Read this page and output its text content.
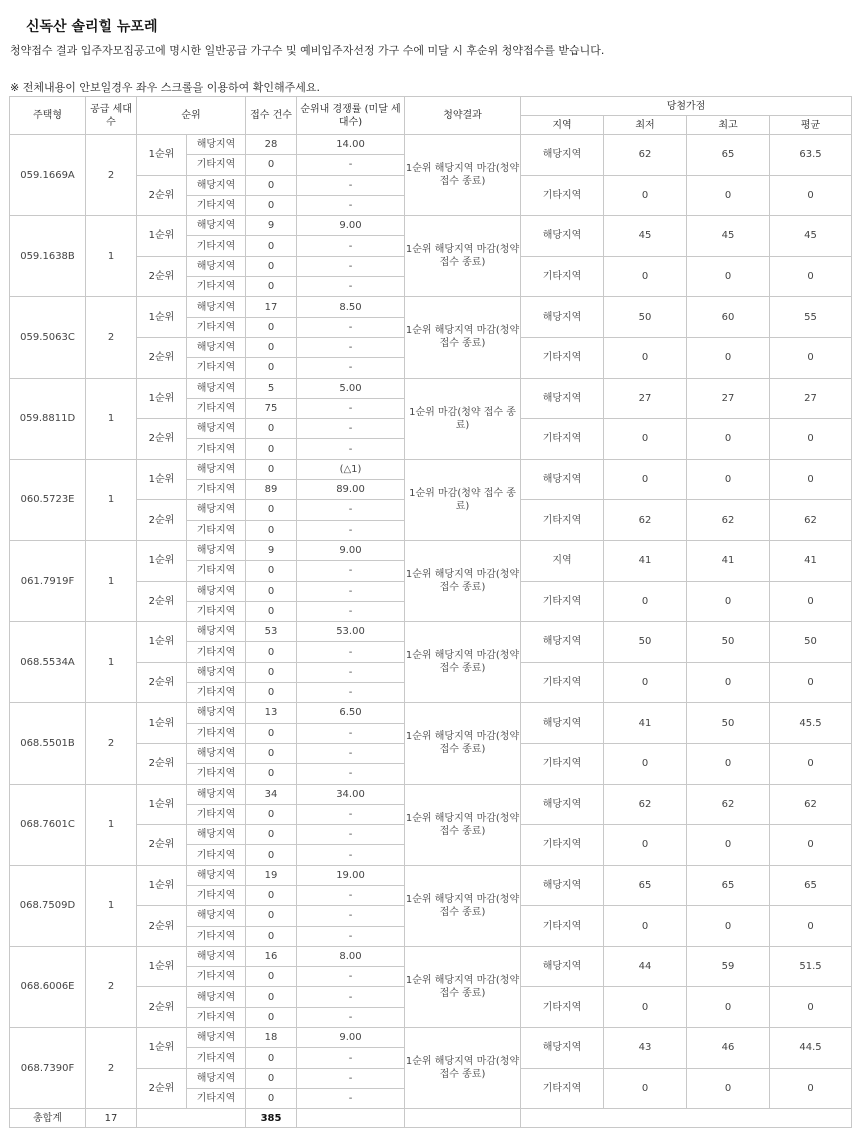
신독산 솔리힐 뉴포레

청약접수 결과 입주자모집공고에 명시한 일반공급 가구수 및 예비입주자선정 가구 수에 미달 시 후순위 청약접수를 받습니다.

※ 전체내용이 안보일경우 좌우 스크롤을 이용하여 확인해주세요.

주택형	공급 세대수	순위		접수 건수	순위내 경쟁률 (미달 세대수)	청약결과	당첨가점			
							지역	최저	최고	평균
059.1669A	2	1순위	해당지역	28	14.00	1순위 해당지역 마감(청약 접수 종료)	해당지역	62	65	63.5
			기타지역	0	-					
		2순위	해당지역	0	-		기타지역	0	0	0
			기타지역	0	-					
059.1638B	1	1순위	해당지역	9	9.00	1순위 해당지역 마감(청약 접수 종료)	해당지역	45	45	45
			기타지역	0	-					
		2순위	해당지역	0	-		기타지역	0	0	0
			기타지역	0	-					
059.5063C	2	1순위	해당지역	17	8.50	1순위 해당지역 마감(청약 접수 종료)	해당지역	50	60	55
			기타지역	0	-					
		2순위	해당지역	0	-		기타지역	0	0	0
			기타지역	0	-					
059.8811D	1	1순위	해당지역	5	5.00	1순위 마감(청약 접수 종료)	해당지역	27	27	27
			기타지역	75	-					
		2순위	해당지역	0	-		기타지역	0	0	0
			기타지역	0	-					
060.5723E	1	1순위	해당지역	0	(△1)	1순위 마감(청약 접수 종료)	해당지역	0	0	0
			기타지역	89	89.00					
		2순위	해당지역	0	-		기타지역	62	62	62
			기타지역	0	-					
061.7919F	1	1순위	해당지역	9	9.00	1순위 해당지역 마감(청약 접수 종료)	지역	41	41	41
			기타지역	0	-					
		2순위	해당지역	0	-		기타지역	0	0	0
			기타지역	0	-					
068.5534A	1	1순위	해당지역	53	53.00	1순위 해당지역 마감(청약 접수 종료)	해당지역	50	50	50
			기타지역	0	-					
		2순위	해당지역	0	-		기타지역	0	0	0
			기타지역	0	-					
068.5501B	2	1순위	해당지역	13	6.50	1순위 해당지역 마감(청약 접수 종료)	해당지역	41	50	45.5
			기타지역	0	-					
		2순위	해당지역	0	-		기타지역	0	0	0
			기타지역	0	-					
068.7601C	1	1순위	해당지역	34	34.00	1순위 해당지역 마감(청약 접수 종료)	해당지역	62	62	62
			기타지역	0	-					
		2순위	해당지역	0	-		기타지역	0	0	0
			기타지역	0	-					
068.7509D	1	1순위	해당지역	19	19.00	1순위 해당지역 마감(청약 접수 종료)	해당지역	65	65	65
			기타지역	0	-					
		2순위	해당지역	0	-		기타지역	0	0	0
			기타지역	0	-					
068.6006E	2	1순위	해당지역	16	8.00	1순위 해당지역 마감(청약 접수 종료)	해당지역	44	59	51.5
			기타지역	0	-					
		2순위	해당지역	0	-		기타지역	0	0	0
			기타지역	0	-					
068.7390F	2	1순위	해당지역	18	9.00	1순위 해당지역 마감(청약 접수 종료)	해당지역	43	46	44.5
			기타지역	0	-					
		2순위	해당지역	0	-		기타지역	0	0	0
			기타지역	0	-					
총합계	17			385						
